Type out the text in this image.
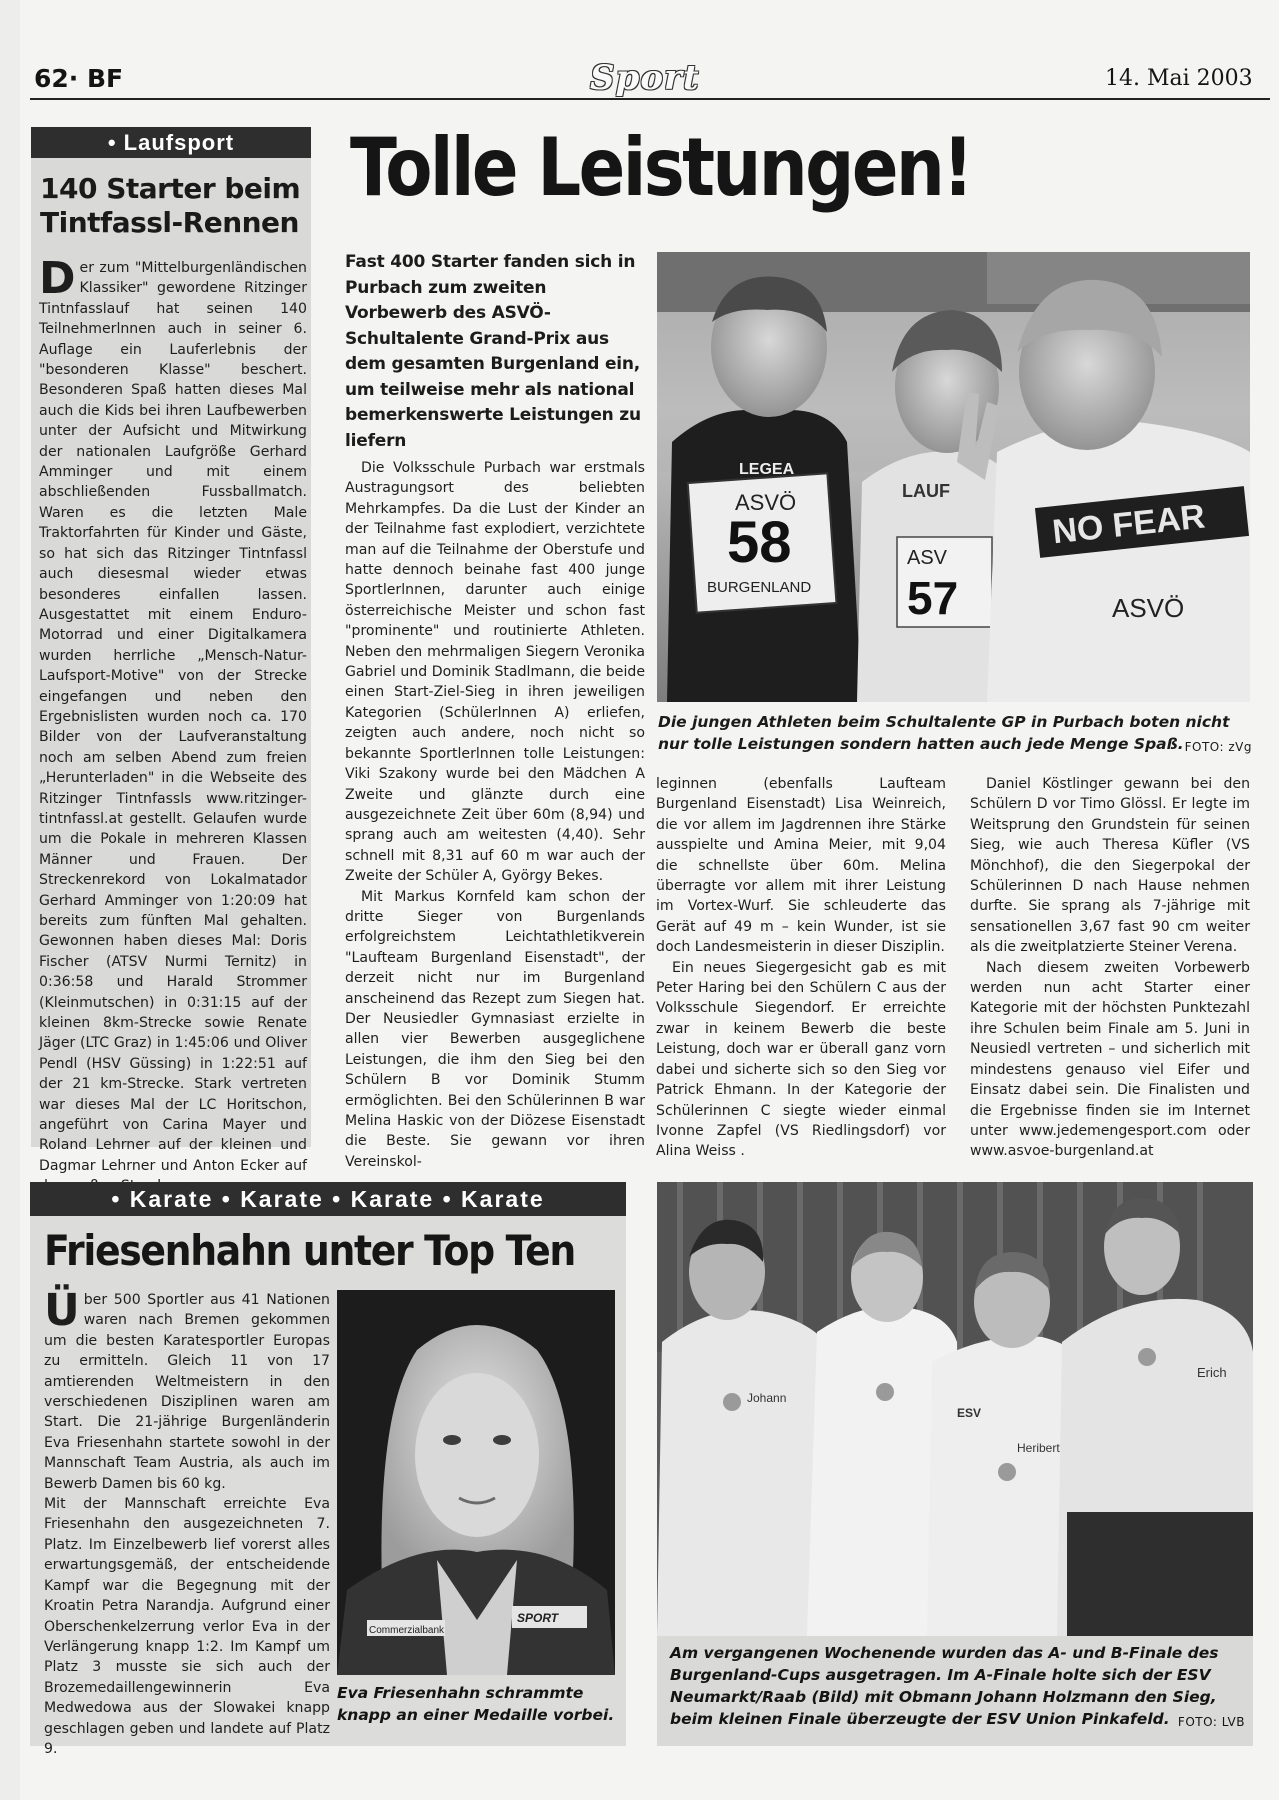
62· BF	Sport	14. Mai 2003
• Laufsport
140 Starter beim Tintfassl-Rennen
Der zum "Mittelburgenländischen Klassiker" gewordene Ritzinger Tintnfasslauf hat seinen 140 Teilnehmerlnnen auch in seiner 6. Auflage ein Lauferlebnis der "besonderen Klasse" beschert. Besonderen Spaß hatten dieses Mal auch die Kids bei ihren Laufbewerben unter der Aufsicht und Mitwirkung der nationalen Laufgröße Gerhard Amminger und mit einem abschließenden Fussballmatch. Waren es die letzten Male Traktorfahrten für Kinder und Gäste, so hat sich das Ritzinger Tintnfassl auch diesesmal wieder etwas besonderes einfallen lassen. Ausgestattet mit einem Enduro-Motorrad und einer Digitalkamera wurden herrliche „Mensch-Natur-Laufsport-Motive" von der Strecke eingefangen und neben den Ergebnislisten wurden noch ca. 170 Bilder von der Laufveranstaltung noch am selben Abend zum freien „Herunterladen" in die Webseite des Ritzinger Tintnfassls www.ritzinger-tintnfassl.at gestellt. Gelaufen wurde um die Pokale in mehreren Klassen Männer und Frauen. Der Streckenrekord von Lokalmatador Gerhard Amminger von 1:20:09 hat bereits zum fünften Mal gehalten. Gewonnen haben dieses Mal: Doris Fischer (ATSV Nurmi Ternitz) in 0:36:58 und Harald Strommer (Kleinmutschen) in 0:31:15 auf der kleinen 8km-Strecke sowie Renate Jäger (LTC Graz) in 1:45:06 und Oliver Pendl (HSV Güssing) in 1:22:51 auf der 21 km-Strecke. Stark vertreten war dieses Mal der LC Horitschon, angeführt von Carina Mayer und Roland Lehrner auf der kleinen und Dagmar Lehrner und Anton Ecker auf
Tolle Leistungen!
Fast 400 Starter fanden sich in Purbach zum zweiten Vorbewerb des ASVÖ-Schultalente Grand-Prix aus dem gesamten Burgenland ein, um teilweise mehr als national bemerkenswerte Leistungen zu liefern

Die Volksschule Purbach war erstmals Austragungsort des beliebten Mehrkampfes. Da die Lust der Kinder an der Teilnahme fast explodiert, verzichtete man auf die Teilnahme der Oberstufe und hatte dennoch beinahe fast 400 junge Sportlerlnnen, darunter auch einige österreichische Meister und schon fast "prominente" und routinierte Athleten. Neben den mehrmaligen Siegern Veronika Gabriel und Dominik Stadlmann, die beide einen Start-Ziel-Sieg in ihren jeweiligen Kategorien (Schülerlnnen A) erliefen, zeigten auch andere, noch nicht so bekannte Sportlerlnnen tolle Leistungen: Viki Szakony wurde bei den Mädchen A Zweite und glänzte durch eine ausgezeichnete Zeit über 60m (8,94) und sprang auch am weitesten (4,40). Sehr schnell mit 8,31 auf 60 m war auch der Zweite der Schüler A, György Bekes.

Mit Markus Kornfeld kam schon der dritte Sieger von Burgenlands erfolgreichstem Leichtathletikverein "Laufteam Burgenland Eisenstadt", der derzeit nicht nur im Burgenland anscheinend das Rezept zum Siegen hat. Der Neusiedler Gymnasiast erzielte in allen vier Bewerben ausgeglichene Leistungen, die ihm den Sieg bei den Schülern B vor Dominik Stumm ermöglichten. Bei den Schülerinnen B war Melina Haskic von der Diözese Eisenstadt die Beste. Sie gewann vor ihren Vereinskol-

LEGEA
ASVÖ
58
BURGENLAND
LAUF
ASV
57
NO FEAR
ASVÖ
Die jungen Athleten beim Schultalente GP in Purbach boten nicht nur tolle Leistungen sondern hatten auch jede Menge Spaß. FOTO: zVg

leginnen (ebenfalls Laufteam Burgenland Eisenstadt) Lisa Weinreich, die vor allem im Jagdrennen ihre Stärke ausspielte und Amina Meier, mit 9,04 die schnellste über 60m. Melina überragte vor allem mit ihrer Leistung im Vortex-Wurf. Sie schleuderte das Gerät auf 49 m – kein Wunder, ist sie doch Landesmeisterin in dieser Disziplin.

Ein neues Siegergesicht gab es mit Peter Haring bei den Schülern C aus der Volksschule Siegendorf. Er erreichte zwar in keinem Bewerb die beste Leistung, doch war er überall ganz vorn dabei und sicherte sich so den Sieg vor Patrick Ehmann. In der Kategorie der Schülerinnen C siegte wieder einmal Ivonne Zapfel (VS Riedlingsdorf) vor Alina Weiss .

Daniel Köstlinger gewann bei den Schülern D vor Timo Glössl. Er legte im Weitsprung den Grundstein für seinen Sieg, wie auch Theresa Küfler (VS Mönchhof), die den Siegerpokal der Schülerinnen D nach Hause nehmen durfte. Sie sprang als 7-jährige mit sensationellen 3,67 fast 90 cm weiter als die zweitplatzierte Steiner Verena.

Nach diesem zweiten Vorbewerb werden nun acht Starter einer Kategorie mit der höchsten Punktezahl ihre Schulen beim Finale am 5. Juni in Neusiedl vertreten – und sicherlich mit mindestens genauso viel Eifer und Einsatz dabei sein. Die Finalisten und die Ergebnisse finden sie im Internet unter www.jedemengesport.com oder www.asvoe-burgenland.at

• Karate • Karate • Karate • Karate
Friesenhahn unter Top Ten
Über 500 Sportler aus 41 Nationen waren nach Bremen gekommen um die besten Karatesportler Europas zu ermitteln. Gleich 11 von 17 amtierenden Weltmeistern in den verschiedenen Disziplinen waren am Start. Die 21-jährige Burgenländerin Eva Friesenhahn startete sowohl in der Mannschaft Team Austria, als auch im Bewerb Damen bis 60 kg.
Mit der Mannschaft erreichte Eva Friesenhahn den ausgezeichneten 7. Platz. Im Einzelbewerb lief vorerst alles erwartungsgemäß, der entscheidende Kampf war die Begegnung mit der Kroatin Petra Narandja. Aufgrund einer Oberschenkelzerrung verlor Eva in der Verlängerung knapp 1:2. Im Kampf um Platz 3 musste sie sich auch der Brozemedaillengewinnerin Eva Medwedowa aus der Slowakei knapp geschlagen geben und landete auf Platz 9.
Commerzialbank
SPORT
Eva Friesenhahn schrammte knapp an einer Medaille vorbei.
Johann
ESV
Heribert
Erich
Am vergangenen Wochenende wurden das A- und B-Finale des Burgenland-Cups ausgetragen. Im A-Finale holte sich der ESV Neumarkt/Raab (Bild) mit Obmann Johann Holzmann den Sieg, beim kleinen Finale überzeugte der ESV Union Pinkafeld. FOTO: LVB
